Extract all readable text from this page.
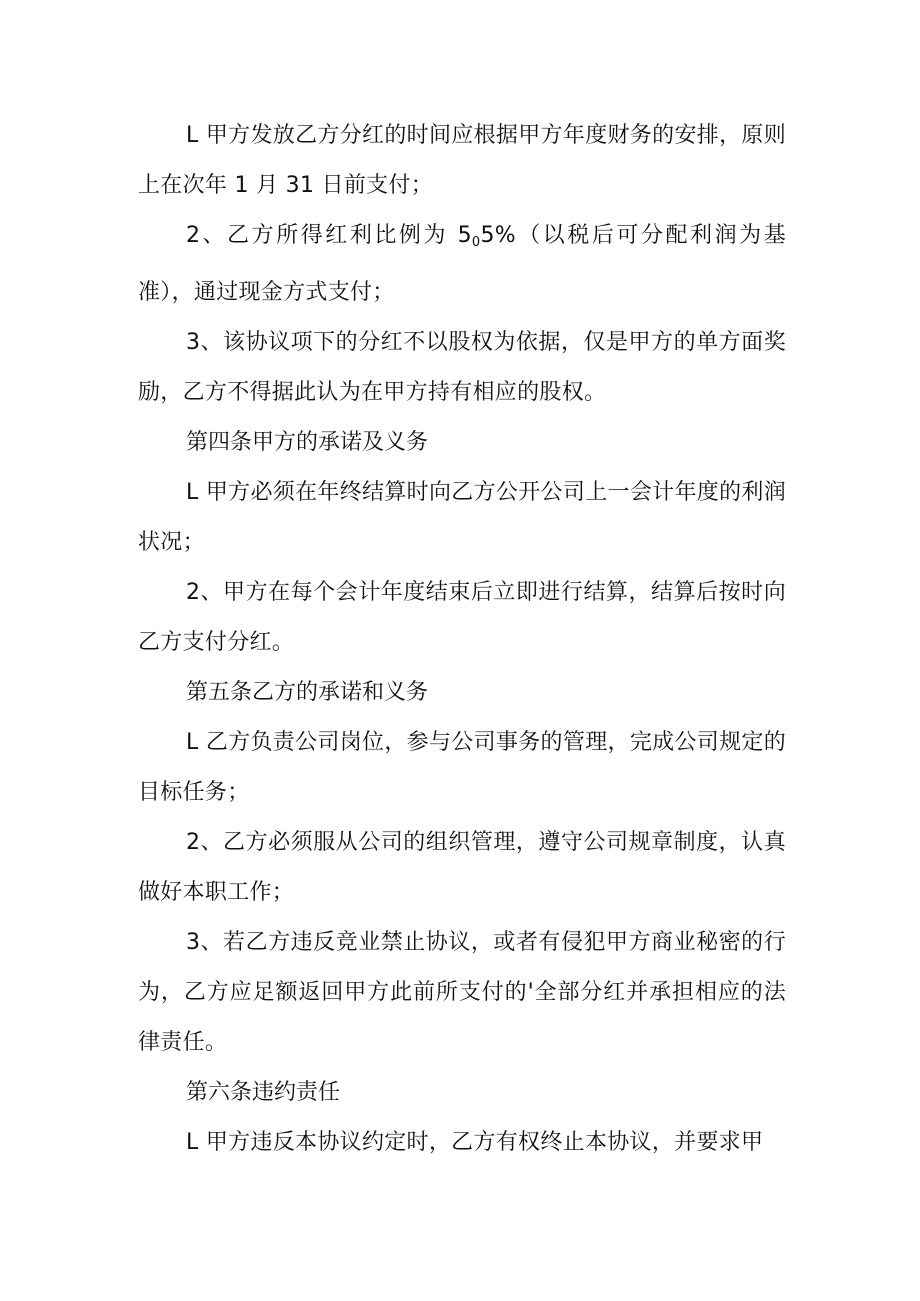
L 甲方发放乙方分红的时间应根据甲方年度财务的安排，原则上在次年 1 月 31 日前支付；

2、乙方所得红利比例为 $5_05\%$（以税后可分配利润为基准），通过现金方式支付；

3、该协议项下的分红不以股权为依据，仅是甲方的单方面奖励，乙方不得据此认为在甲方持有相应的股权。

第四条甲方的承诺及义务

L 甲方必须在年终结算时向乙方公开公司上一会计年度的利润状况；

2、甲方在每个会计年度结束后立即进行结算，结算后按时向乙方支付分红。

第五条乙方的承诺和义务

L 乙方负责公司岗位，参与公司事务的管理，完成公司规定的目标任务；

2、乙方必须服从公司的组织管理，遵守公司规章制度，认真做好本职工作；

3、若乙方违反竞业禁止协议，或者有侵犯甲方商业秘密的行为，乙方应足额返回甲方此前所支付的'全部分红并承担相应的法律责任。

第六条违约责任

L 甲方违反本协议约定时，乙方有权终止本协议，并要求甲
